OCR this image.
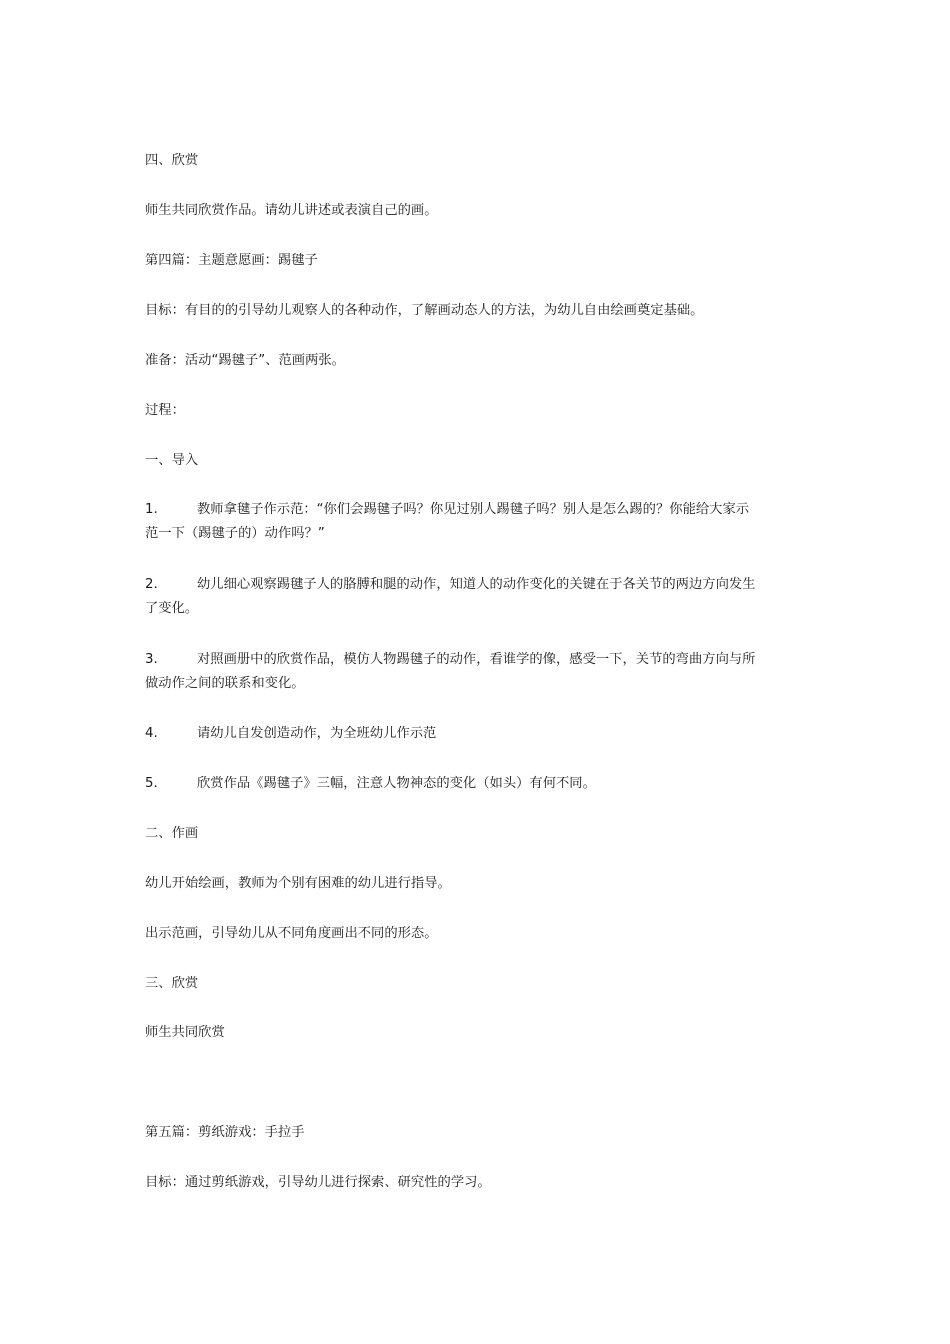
四、欣赏
师生共同欣赏作品。请幼儿讲述或表演自己的画。
第四篇：主题意愿画：踢毽子
目标：有目的的引导幼儿观察人的各种动作，了解画动态人的方法，为幼儿自由绘画奠定基础。
准备：活动“踢毽子”、范画两张。
过程：
一、导入
1.	教师拿毽子作示范：“你们会踢毽子吗？你见过别人踢毽子吗？别人是怎么踢的？你能给大家示
范一下（踢毽子的）动作吗？”
2.	幼儿细心观察踢毽子人的胳膊和腿的动作，知道人的动作变化的关键在于各关节的两边方向发生
了变化。
3.	对照画册中的欣赏作品，模仿人物踢毽子的动作，看谁学的像，感受一下，关节的弯曲方向与所
做动作之间的联系和变化。
4.	请幼儿自发创造动作，为全班幼儿作示范
5.	欣赏作品《踢毽子》三幅，注意人物神态的变化（如头）有何不同。
二、作画
幼儿开始绘画，教师为个别有困难的幼儿进行指导。
出示范画，引导幼儿从不同角度画出不同的形态。
三、欣赏
师生共同欣赏
第五篇：剪纸游戏：手拉手
目标：通过剪纸游戏，引导幼儿进行探索、研究性的学习。
